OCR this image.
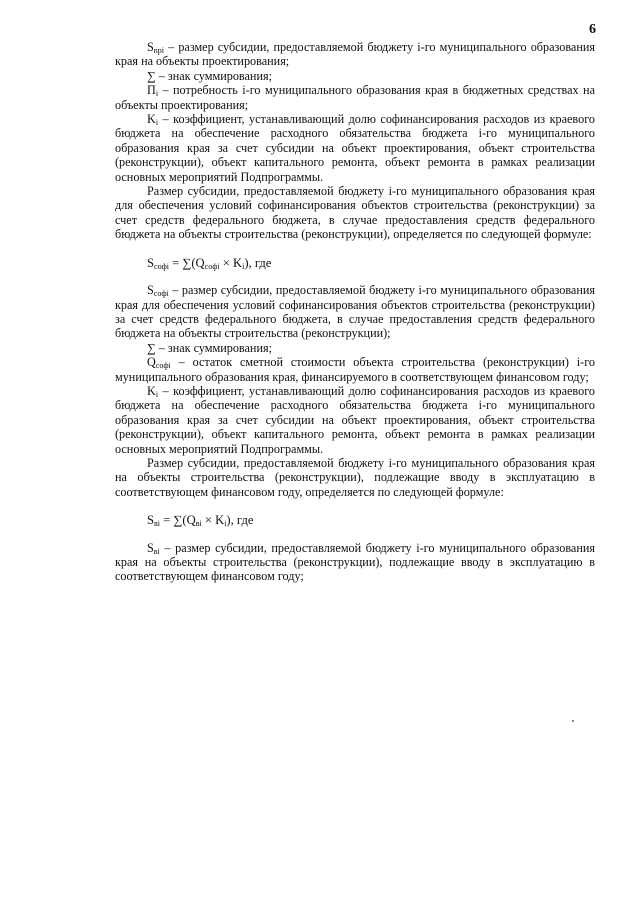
6

$S_{npi}$ – размер субсидии, предоставляемой бюджету i-го муниципального образования края на объекты проектирования;

∑ – знак суммирования;

$П_i$ – потребность i-го муниципального образования края в бюджетных средствах на объекты проектирования;

$K_i$ – коэффициент, устанавливающий долю софинансирования расходов из краевого бюджета на обеспечение расходного обязательства бюджета i-го муниципального образования края за счет субсидии на объект проектирования, объект строительства (реконструкции), объект капитального ремонта, объект ремонта в рамках реализации основных мероприятий Подпрограммы.

Размер субсидии, предоставляемой бюджету i-го муниципального образования края для обеспечения условий софинансирования объектов строительства (реконструкции) за счет средств федерального бюджета, в случае предоставления средств федерального бюджета на объекты строительства (реконструкции), определяется по следующей формуле:

$S_{софi} = \sum(Q_{софi} \times K_i)$, где

$S_{софi}$ – размер субсидии, предоставляемой бюджету i-го муниципального образования края для обеспечения условий софинансирования объектов строительства (реконструкции) за счет средств федерального бюджета, в случае предоставления средств федерального бюджета на объекты строительства (реконструкции);

∑ – знак суммирования;

$Q_{софi}$ – остаток сметной стоимости объекта строительства (реконструкции) i-го муниципального образования края, финансируемого в соответствующем финансовом году;

$K_i$ – коэффициент, устанавливающий долю софинансирования расходов из краевого бюджета на обеспечение расходного обязательства бюджета i-го муниципального образования края за счет субсидии на объект проектирования, объект строительства (реконструкции), объект капитального ремонта, объект ремонта в рамках реализации основных мероприятий Подпрограммы.

Размер субсидии, предоставляемой бюджету i-го муниципального образования края на объекты строительства (реконструкции), подлежащие вводу в эксплуатацию в соответствующем финансовом году, определяется по следующей формуле:

$S_{вi} = \sum(Q_{вi} \times K_i)$, где

$S_{вi}$ – размер субсидии, предоставляемой бюджету i-го муниципального образования края на объекты строительства (реконструкции), подлежащие вводу в эксплуатацию в соответствующем финансовом году;
